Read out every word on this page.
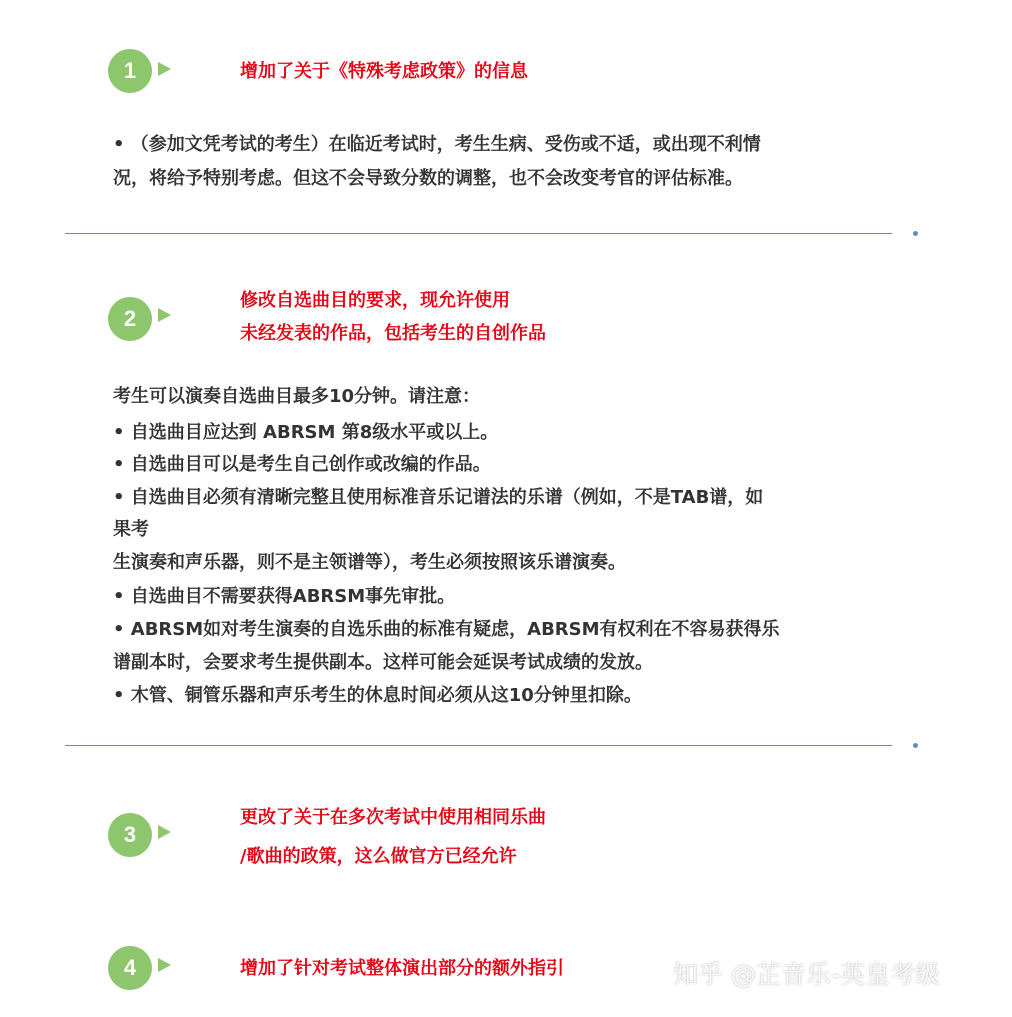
1	增加了关于《特殊考虑政策》的信息
• （参加文凭考试的考生）在临近考试时，考生生病、受伤或不适，或出现不利情
况，将给予特别考虑。但这不会导致分数的调整，也不会改变考官的评估标准。
2
修改自选曲目的要求，现允许使用
未经发表的作品，包括考生的自创作品
考生可以演奏自选曲目最多10分钟。请注意：
• 自选曲目应达到 ABRSM 第8级水平或以上。
• 自选曲目可以是考生自己创作或改编的作品。
• 自选曲目必须有清晰完整且使用标准音乐记谱法的乐谱（例如，不是TAB谱，如
果考
生演奏和声乐器，则不是主领谱等），考生必须按照该乐谱演奏。
• 自选曲目不需要获得ABRSM事先审批。
• ABRSM如对考生演奏的自选乐曲的标准有疑虑，ABRSM有权利在不容易获得乐
谱副本时，会要求考生提供副本。这样可能会延误考试成绩的发放。
• 木管、铜管乐器和声乐考生的休息时间必须从这10分钟里扣除。
3
更改了关于在多次考试中使用相同乐曲
/歌曲的政策，这么做官方已经允许
4	增加了针对考试整体演出部分的额外指引	知乎 @芷音乐-英皇考级
